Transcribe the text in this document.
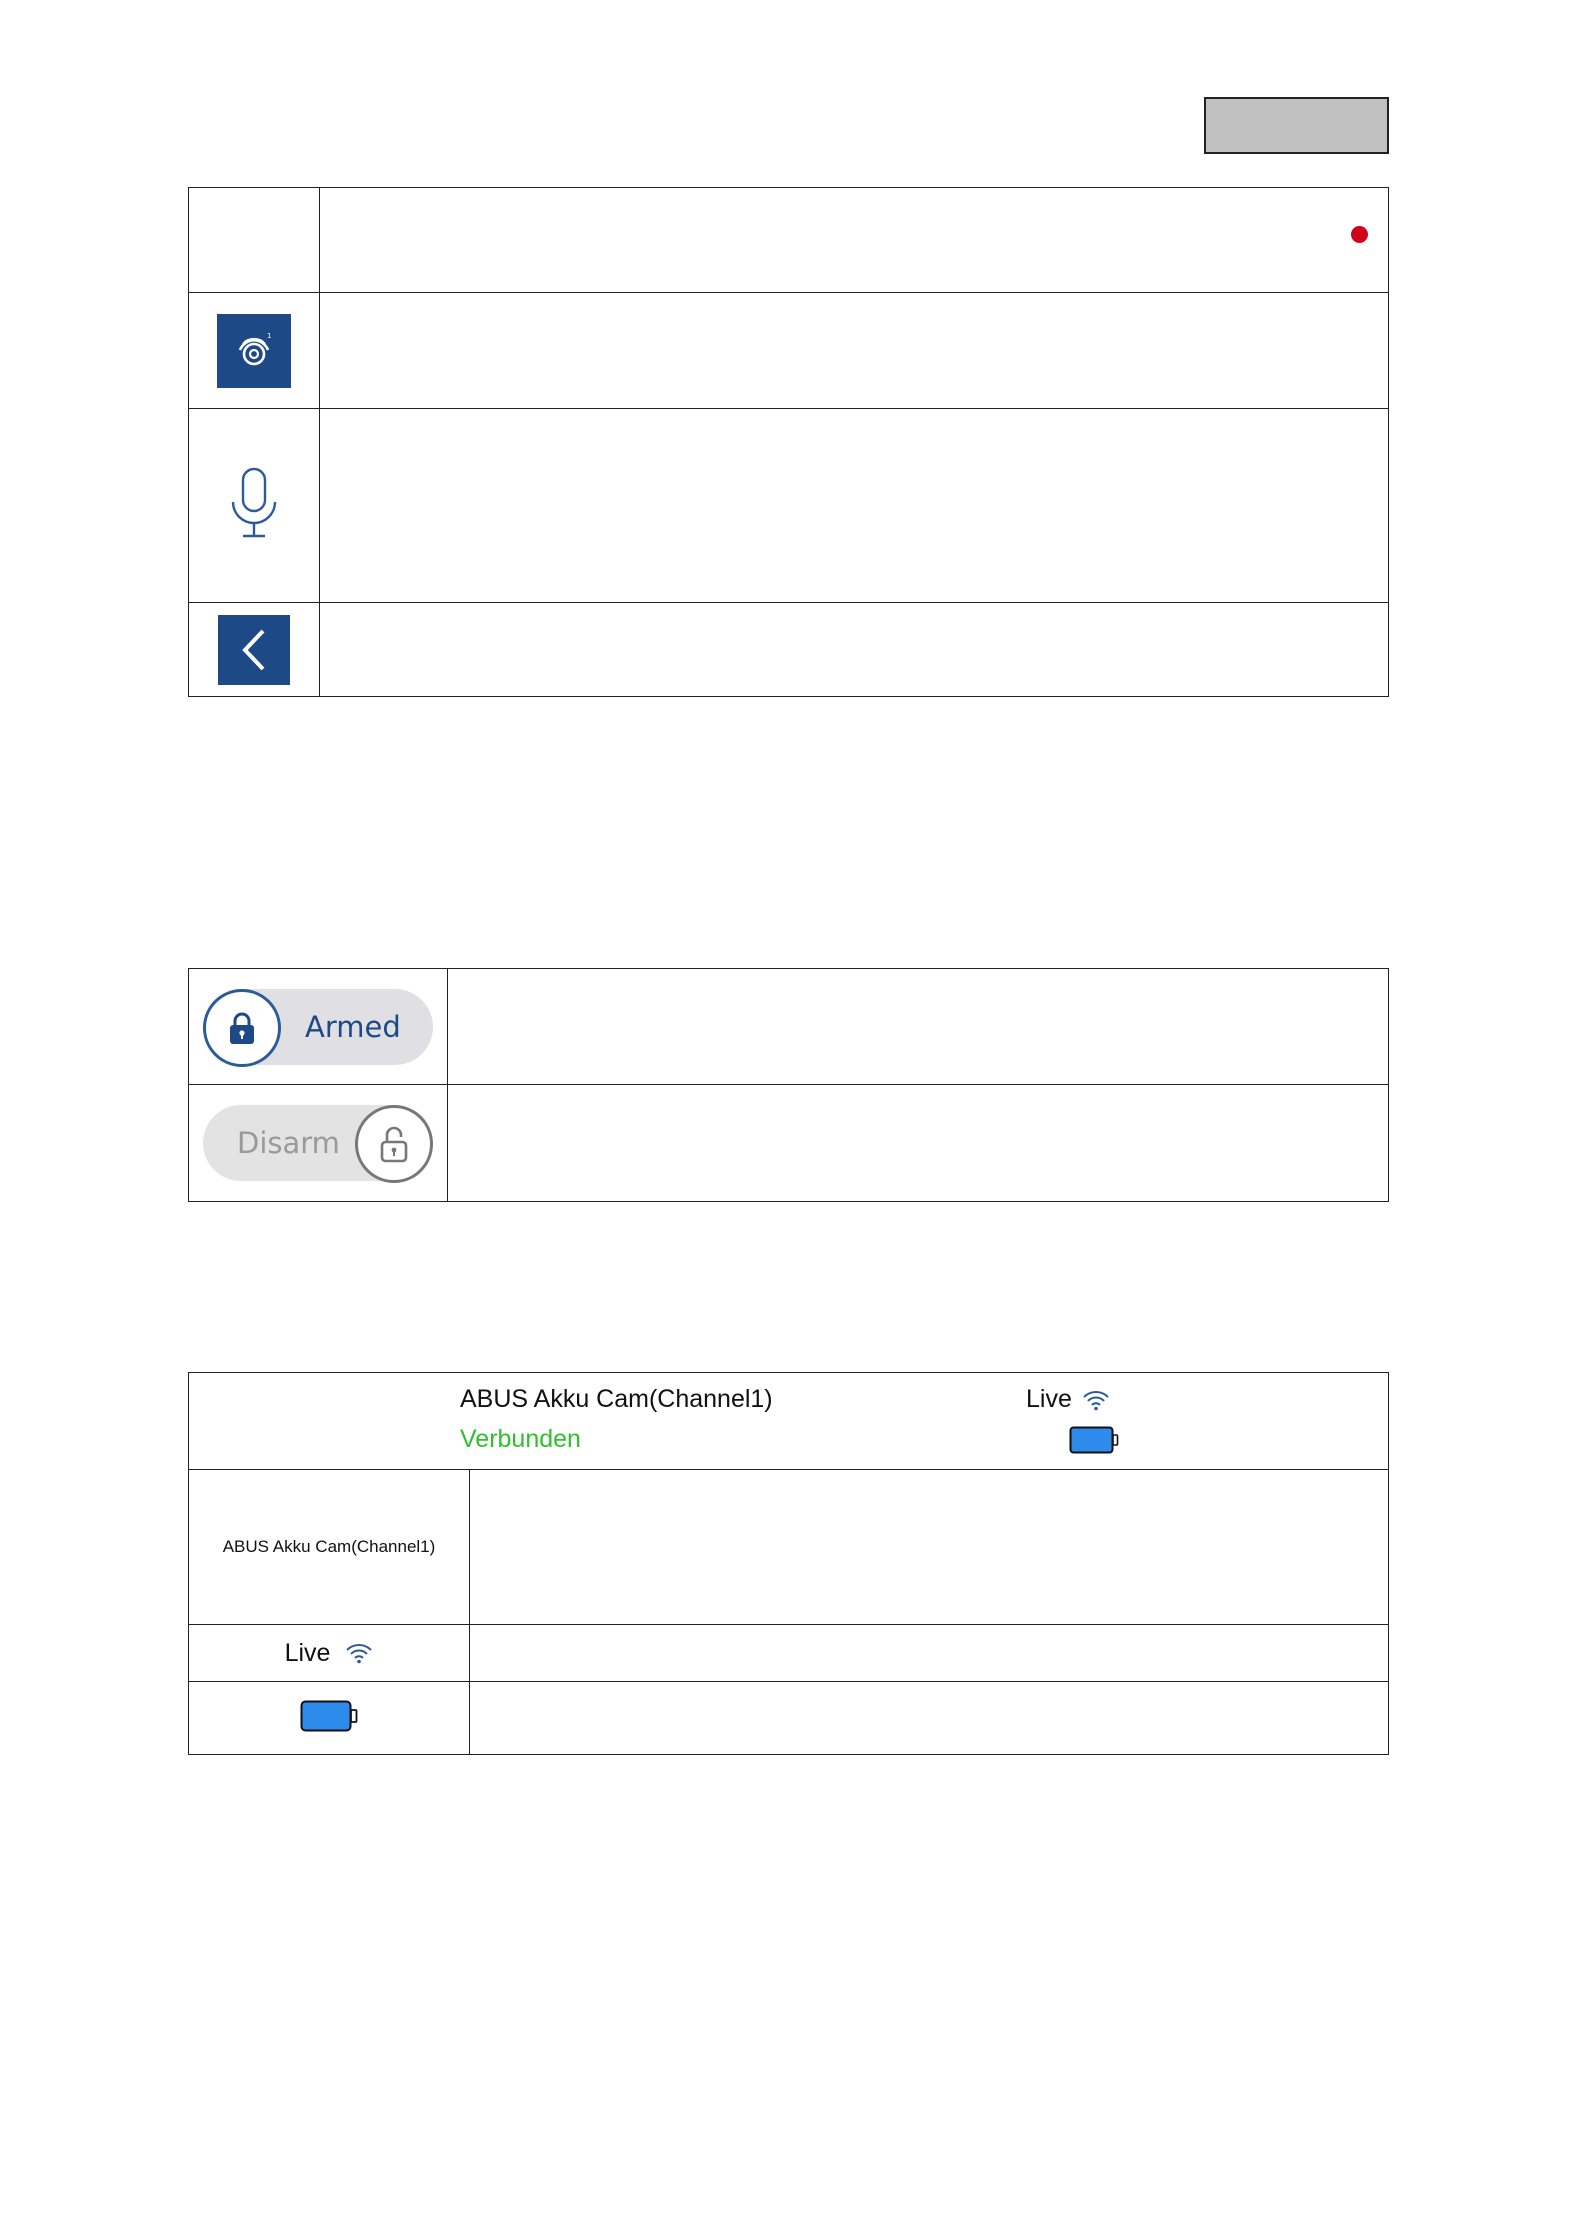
1	

Armed	

Disarm	

ABUS Akku Cam(Channel1)
Verbunden
Live	

ABUS Akku Cam(Channel1)	
Live	
